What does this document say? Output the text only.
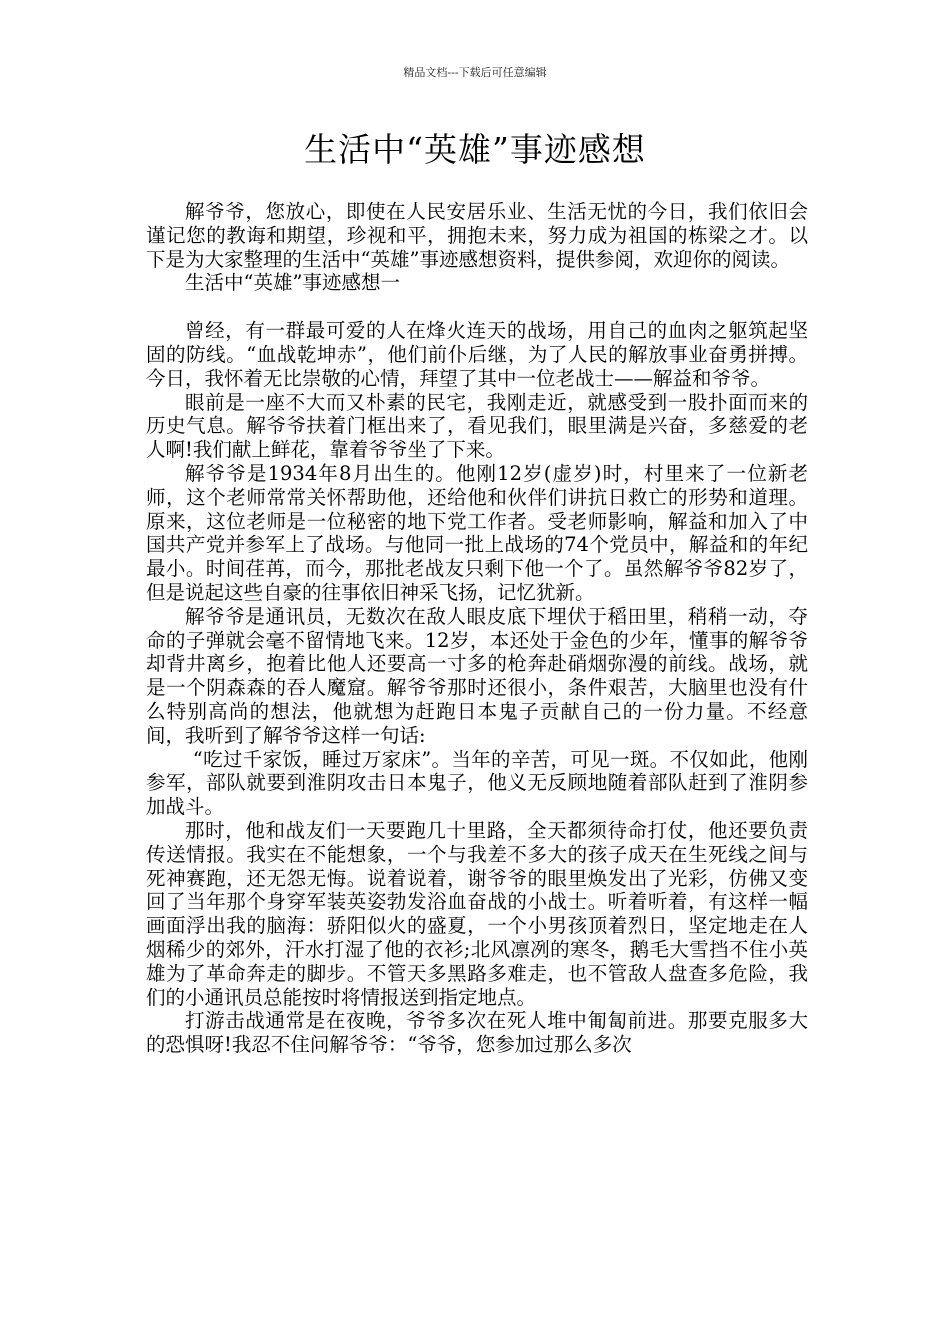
精品文档---下载后可任意编辑
生活中“英雄”事迹感想

解爷爷，您放心，即使在人民安居乐业、生活无忧的今日，我们依旧会谨记您的教诲和期望，珍视和平，拥抱未来，努力成为祖国的栋梁之才。以下是为大家整理的生活中“英雄”事迹感想资料，提供参阅，欢迎你的阅读。

生活中“英雄”事迹感想一

曾经，有一群最可爱的人在烽火连天的战场，用自己的血肉之躯筑起坚固的防线。“血战乾坤赤”，他们前仆后继，为了人民的解放事业奋勇拼搏。今日，我怀着无比崇敬的心情，拜望了其中一位老战士——解益和爷爷。

眼前是一座不大而又朴素的民宅，我刚走近，就感受到一股扑面而来的历史气息。解爷爷扶着门框出来了，看见我们，眼里满是兴奋，多慈爱的老人啊!我们献上鲜花，靠着爷爷坐了下来。

解爷爷是1934年8月出生的。他刚12岁(虚岁)时，村里来了一位新老师，这个老师常常关怀帮助他，还给他和伙伴们讲抗日救亡的形势和道理。原来，这位老师是一位秘密的地下党工作者。受老师影响，解益和加入了中国共产党并参军上了战场。与他同一批上战场的74个党员中，解益和的年纪最小。时间荏苒，而今，那批老战友只剩下他一个了。虽然解爷爷82岁了，但是说起这些自豪的往事依旧神采飞扬，记忆犹新。

解爷爷是通讯员，无数次在敌人眼皮底下埋伏于稻田里，稍稍一动，夺命的子弹就会毫不留情地飞来。12岁，本还处于金色的少年，懂事的解爷爷却背井离乡，抱着比他人还要高一寸多的枪奔赴硝烟弥漫的前线。战场，就是一个阴森森的吞人魔窟。解爷爷那时还很小，条件艰苦，大脑里也没有什么特别高尚的想法，他就想为赶跑日本鬼子贡献自己的一份力量。不经意间，我听到了解爷爷这样一句话:

“吃过千家饭，睡过万家床”。当年的辛苦，可见一斑。不仅如此，他刚参军，部队就要到淮阴攻击日本鬼子，他义无反顾地随着部队赶到了淮阴参加战斗。

那时，他和战友们一天要跑几十里路，全天都须待命打仗，他还要负责传送情报。我实在不能想象，一个与我差不多大的孩子成天在生死线之间与死神赛跑，还无怨无悔。说着说着，谢爷爷的眼里焕发出了光彩，仿佛又变回了当年那个身穿军装英姿勃发浴血奋战的小战士。听着听着，有这样一幅画面浮出我的脑海：骄阳似火的盛夏，一个小男孩顶着烈日，坚定地走在人烟稀少的郊外，汗水打湿了他的衣衫;北风凛冽的寒冬，鹅毛大雪挡不住小英雄为了革命奔走的脚步。不管天多黑路多难走，也不管敌人盘查多危险，我们的小通讯员总能按时将情报送到指定地点。

打游击战通常是在夜晚，爷爷多次在死人堆中匍匐前进。那要克服多大的恐惧呀!我忍不住问解爷爷：“爷爷，您参加过那么多次
